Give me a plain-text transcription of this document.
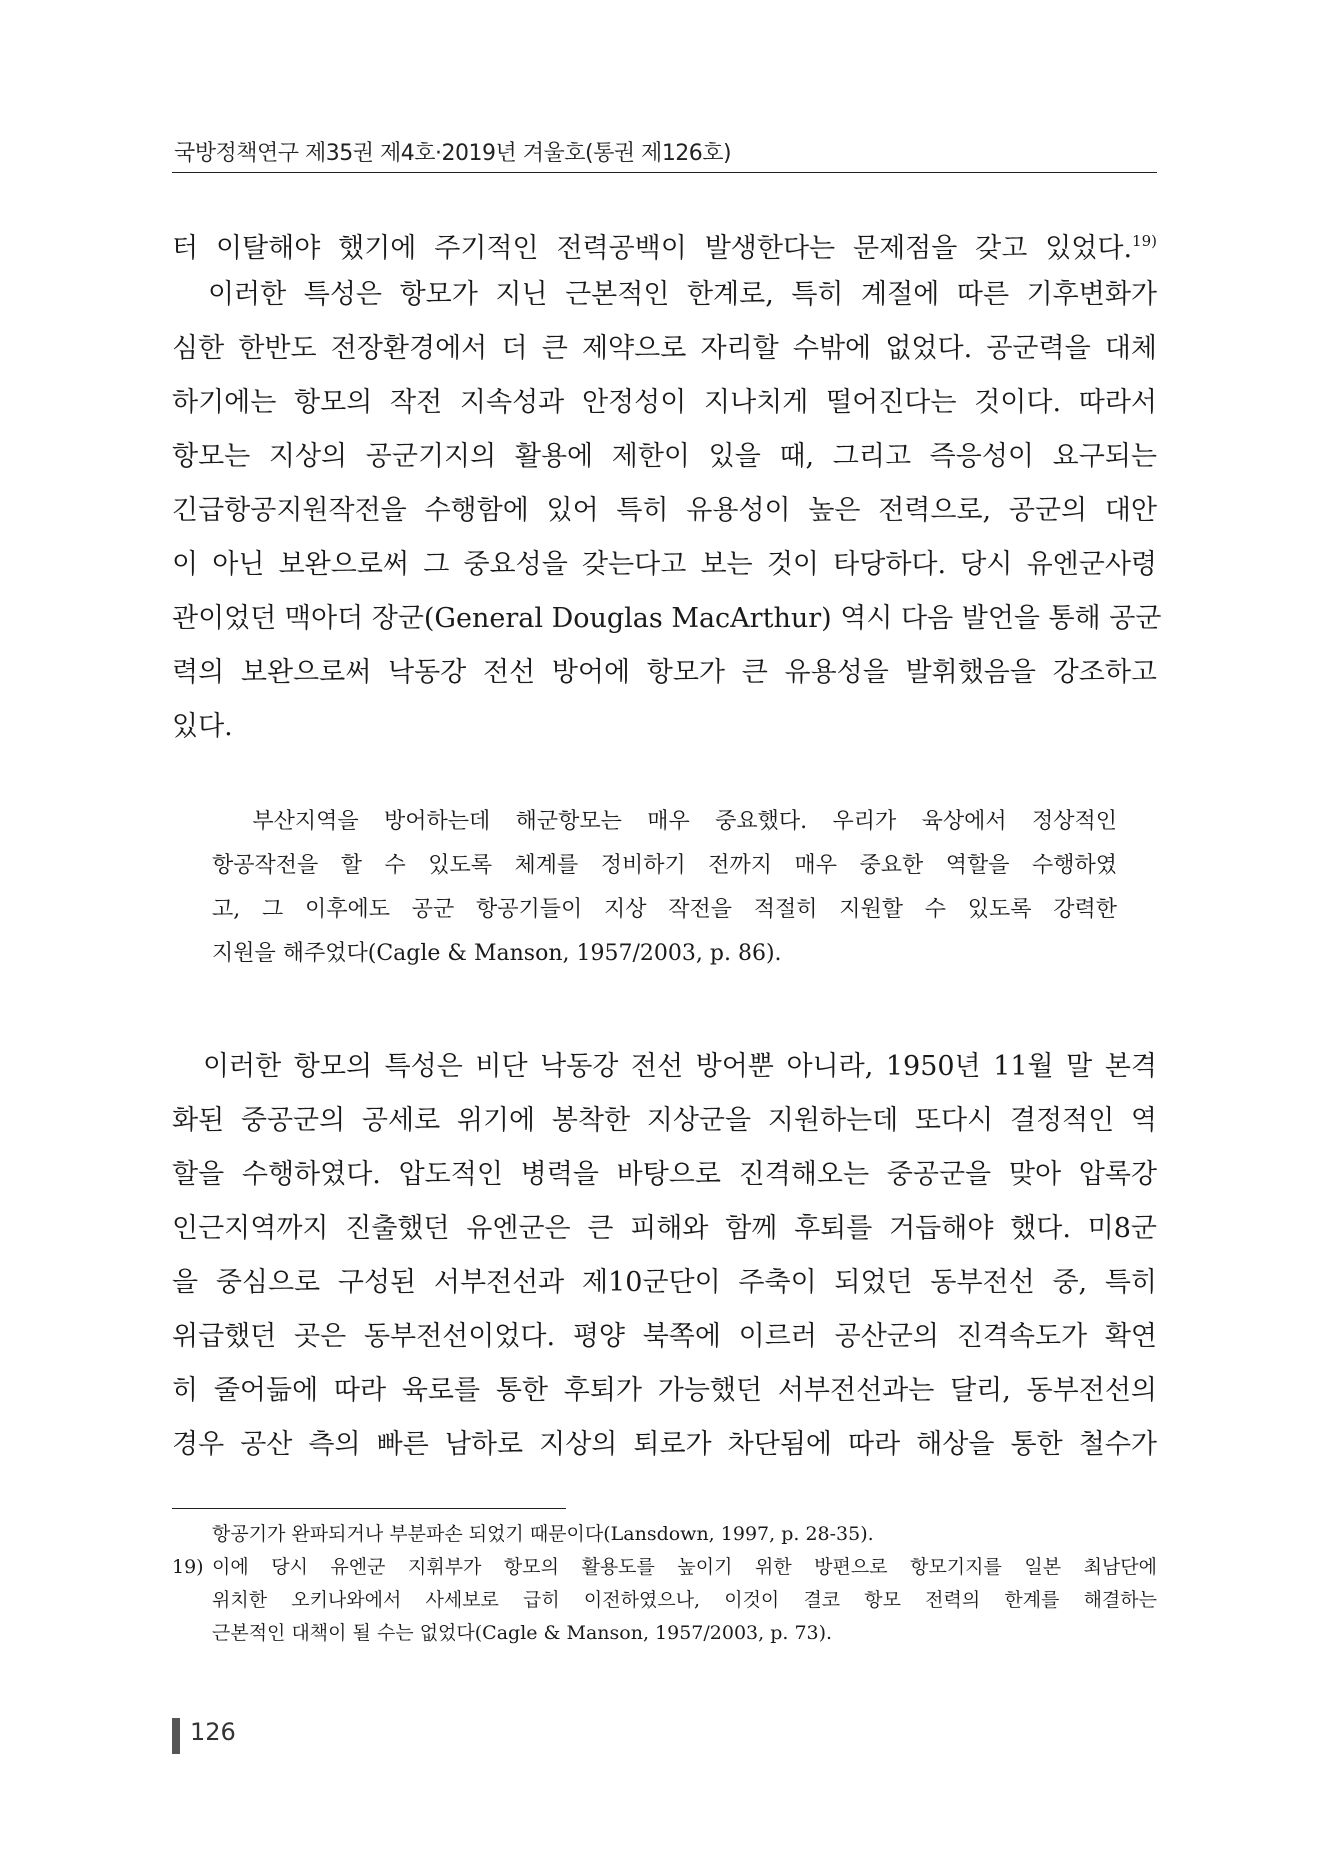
국방정책연구 제35권 제4호·2019년 겨울호(통권 제126호)
터 이탈해야 했기에 주기적인 전력공백이 발생한다는 문제점을 갖고 있었다.$^{19)}$
　이러한 특성은 항모가 지닌 근본적인 한계로, 특히 계절에 따른 기후변화가
심한 한반도 전장환경에서 더 큰 제약으로 자리할 수밖에 없었다. 공군력을 대체
하기에는 항모의 작전 지속성과 안정성이 지나치게 떨어진다는 것이다. 따라서
항모는 지상의 공군기지의 활용에 제한이 있을 때, 그리고 즉응성이 요구되는
긴급항공지원작전을 수행함에 있어 특히 유용성이 높은 전력으로, 공군의 대안
이 아닌 보완으로써 그 중요성을 갖는다고 보는 것이 타당하다. 당시 유엔군사령
관이었던 맥아더 장군(General Douglas MacArthur) 역시 다음 발언을 통해 공군
력의 보완으로써 낙동강 전선 방어에 항모가 큰 유용성을 발휘했음을 강조하고
있다.
　부산지역을 방어하는데 해군항모는 매우 중요했다. 우리가 육상에서 정상적인
항공작전을 할 수 있도록 체계를 정비하기 전까지 매우 중요한 역할을 수행하였
고, 그 이후에도 공군 항공기들이 지상 작전을 적절히 지원할 수 있도록 강력한
지원을 해주었다(Cagle & Manson, 1957/2003, p. 86).
　이러한 항모의 특성은 비단 낙동강 전선 방어뿐 아니라, 1950년 11월 말 본격
화된 중공군의 공세로 위기에 봉착한 지상군을 지원하는데 또다시 결정적인 역
할을 수행하였다. 압도적인 병력을 바탕으로 진격해오는 중공군을 맞아 압록강
인근지역까지 진출했던 유엔군은 큰 피해와 함께 후퇴를 거듭해야 했다. 미8군
을 중심으로 구성된 서부전선과 제10군단이 주축이 되었던 동부전선 중, 특히
위급했던 곳은 동부전선이었다. 평양 북쪽에 이르러 공산군의 진격속도가 확연
히 줄어듦에 따라 육로를 통한 후퇴가 가능했던 서부전선과는 달리, 동부전선의
경우 공산 측의 빠른 남하로 지상의 퇴로가 차단됨에 따라 해상을 통한 철수가
항공기가 완파되거나 부분파손 되었기 때문이다(Lansdown, 1997, p. 28-35).
19) 이에 당시 유엔군 지휘부가 항모의 활용도를 높이기 위한 방편으로 항모기지를 일본 최남단에
위치한 오키나와에서 사세보로 급히 이전하였으나, 이것이 결코 항모 전력의 한계를 해결하는
근본적인 대책이 될 수는 없었다(Cagle & Manson, 1957/2003, p. 73).
126
